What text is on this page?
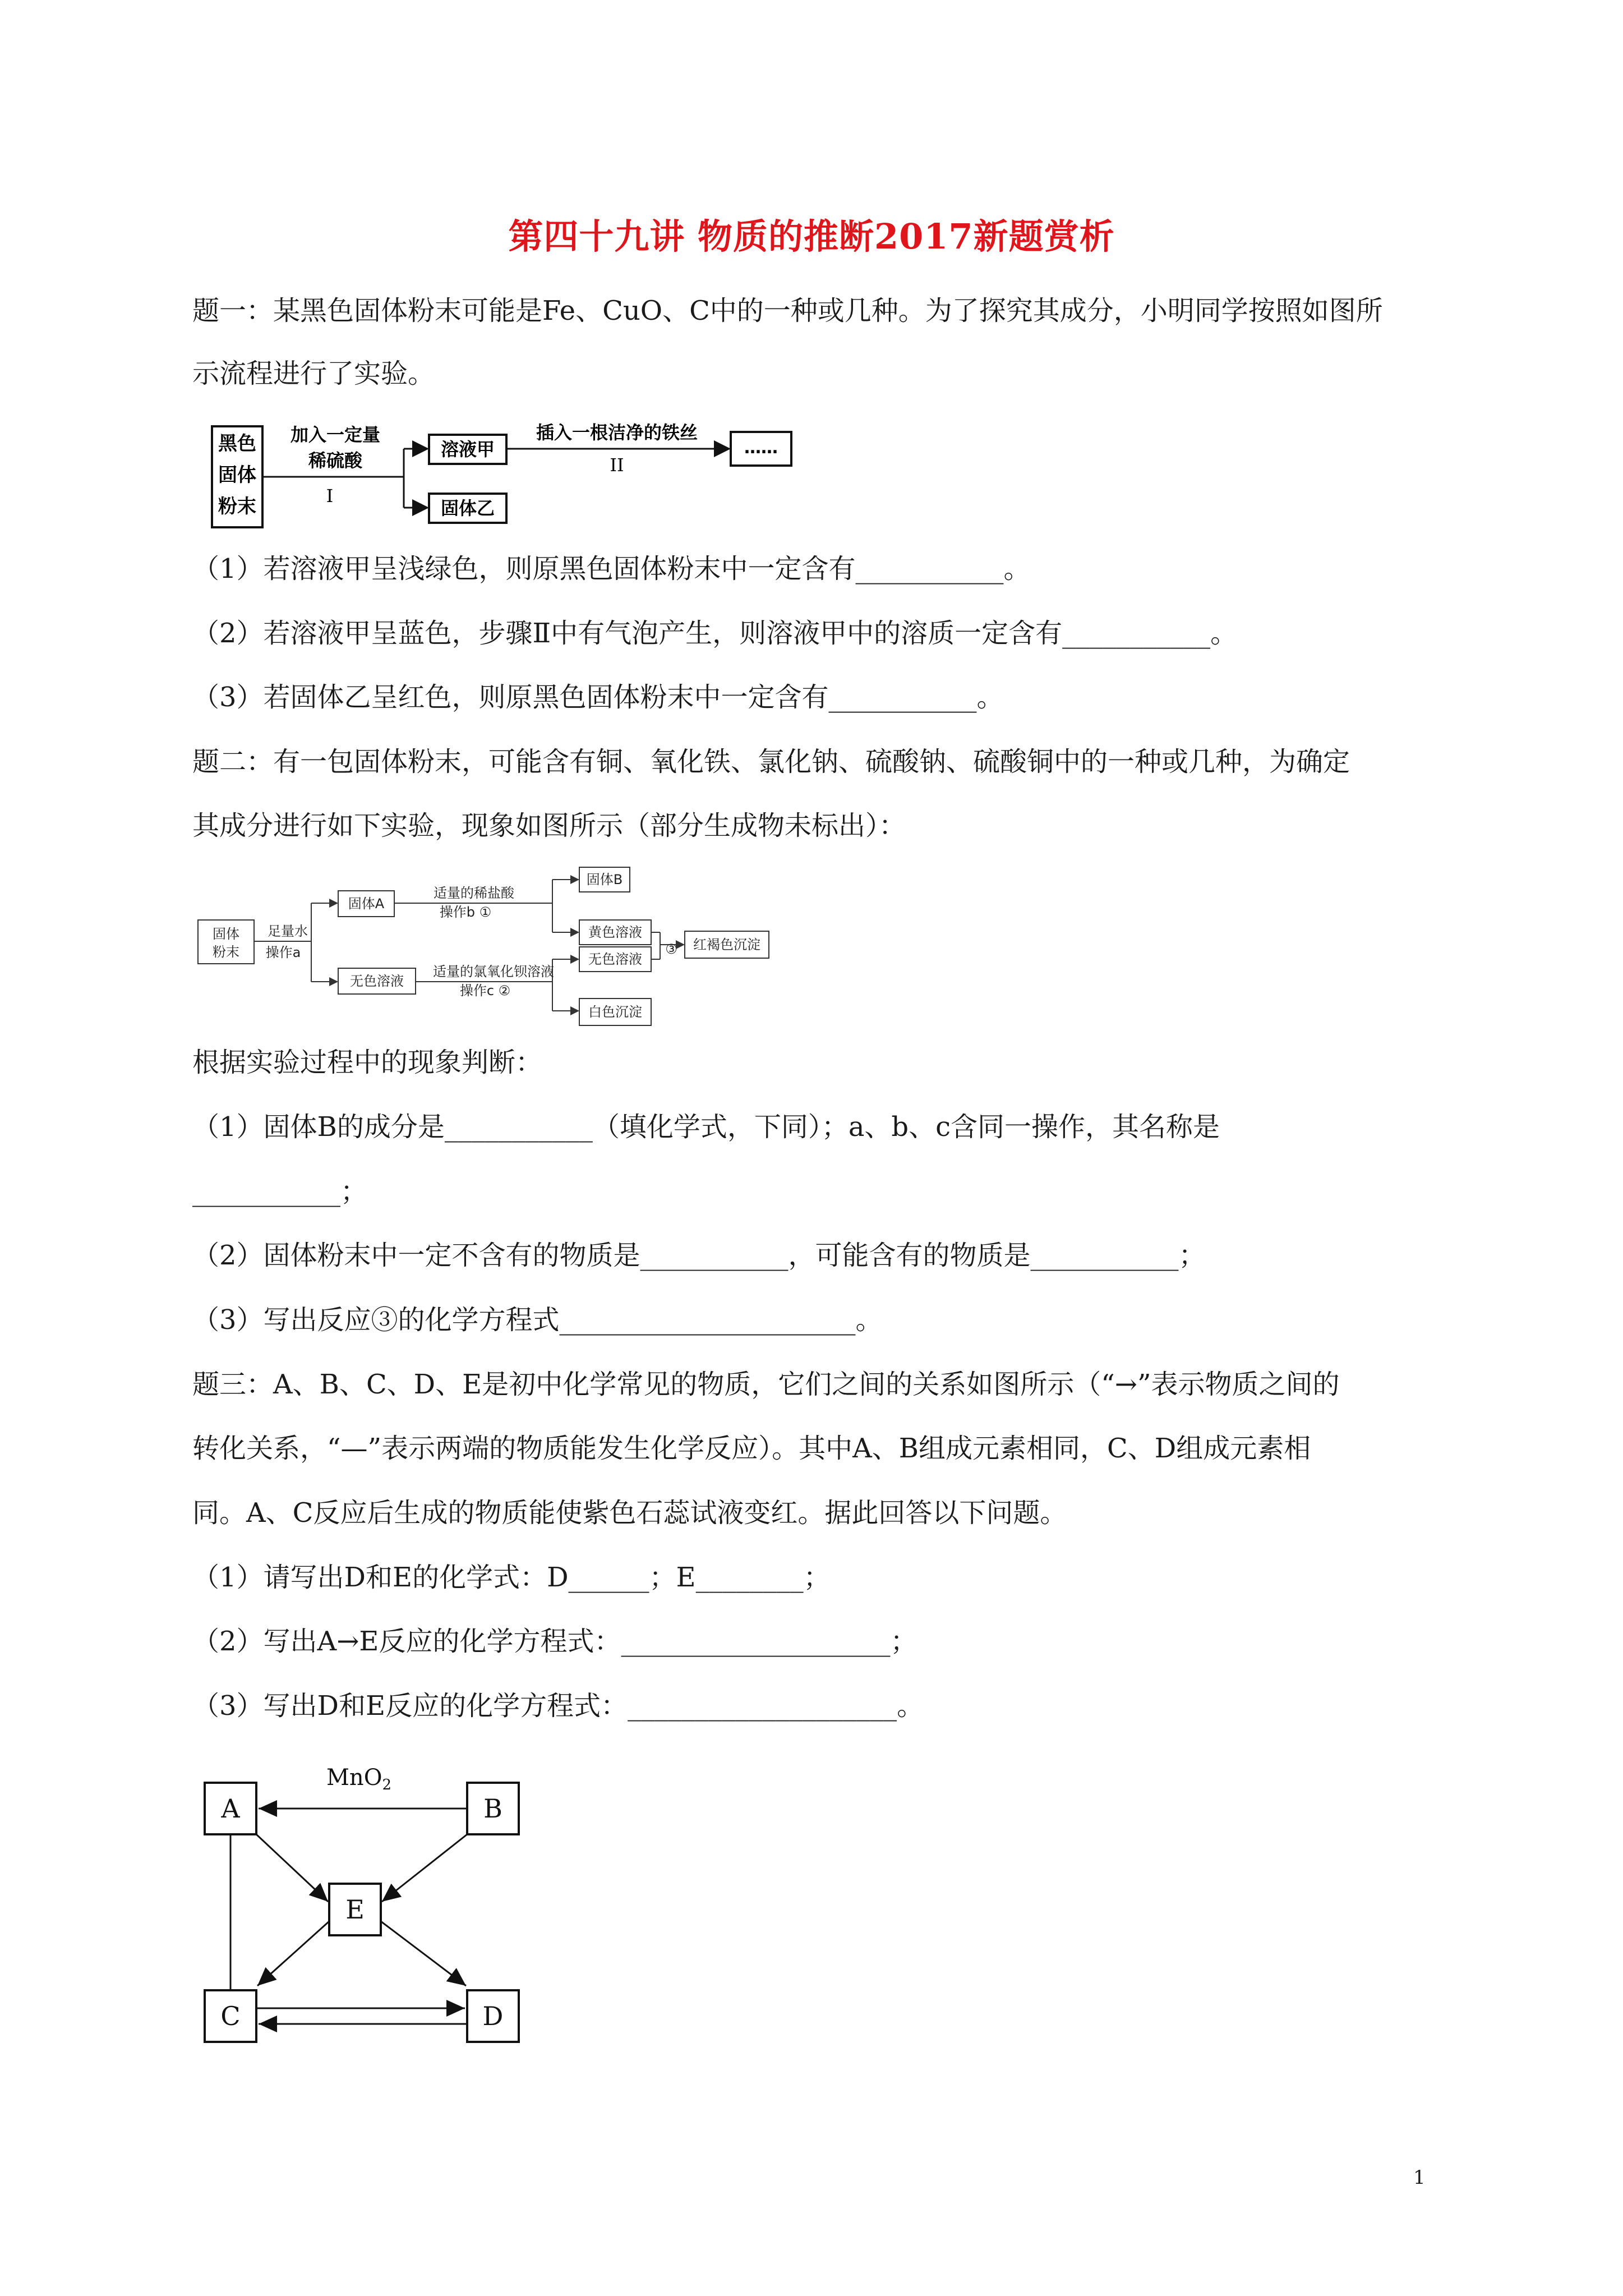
第四十九讲 物质的推断2017新题赏析
题一：某黑色固体粉末可能是Fe、CuO、C中的一种或几种。为了探究其成分，小明同学按照如图所
示流程进行了实验。
黑色
固体
粉末
加入一定量
稀硫酸
I
溶液甲
固体乙
插入一根洁净的铁丝
II
……
（1）若溶液甲呈浅绿色，则原黑色固体粉末中一定含有___________。
（2）若溶液甲呈蓝色，步骤Ⅱ中有气泡产生，则溶液甲中的溶质一定含有___________。
（3）若固体乙呈红色，则原黑色固体粉末中一定含有___________。
题二：有一包固体粉末，可能含有铜、氧化铁、氯化钠、硫酸钠、硫酸铜中的一种或几种，为确定
其成分进行如下实验，现象如图所示（部分生成物未标出）：
固体
粉末
足量水
操作a
固体A
适量的稀盐酸
操作b ①
无色溶液
适量的氯氧化钡溶液
操作c ②
固体B
黄色溶液
无色溶液
③ 红褐色沉淀
白色沉淀
根据实验过程中的现象判断：
（1）固体B的成分是___________（填化学式，下同）；a、b、c含同一操作，其名称是
___________；
（2）固体粉末中一定不含有的物质是___________，可能含有的物质是___________；
（3）写出反应③的化学方程式______________________。
题三：A、B、C、D、E是初中化学常见的物质，它们之间的关系如图所示（“→”表示物质之间的
转化关系，“—”表示两端的物质能发生化学反应）。其中A、B组成元素相同，C、D组成元素相
同。A、C反应后生成的物质能使紫色石蕊试液变红。据此回答以下问题。
（1）请写出D和E的化学式：D______；E________；
（2）写出A→E反应的化学方程式：____________________；
（3）写出D和E反应的化学方程式：____________________。
A	B
E
C	D
MnO$_2$
1
